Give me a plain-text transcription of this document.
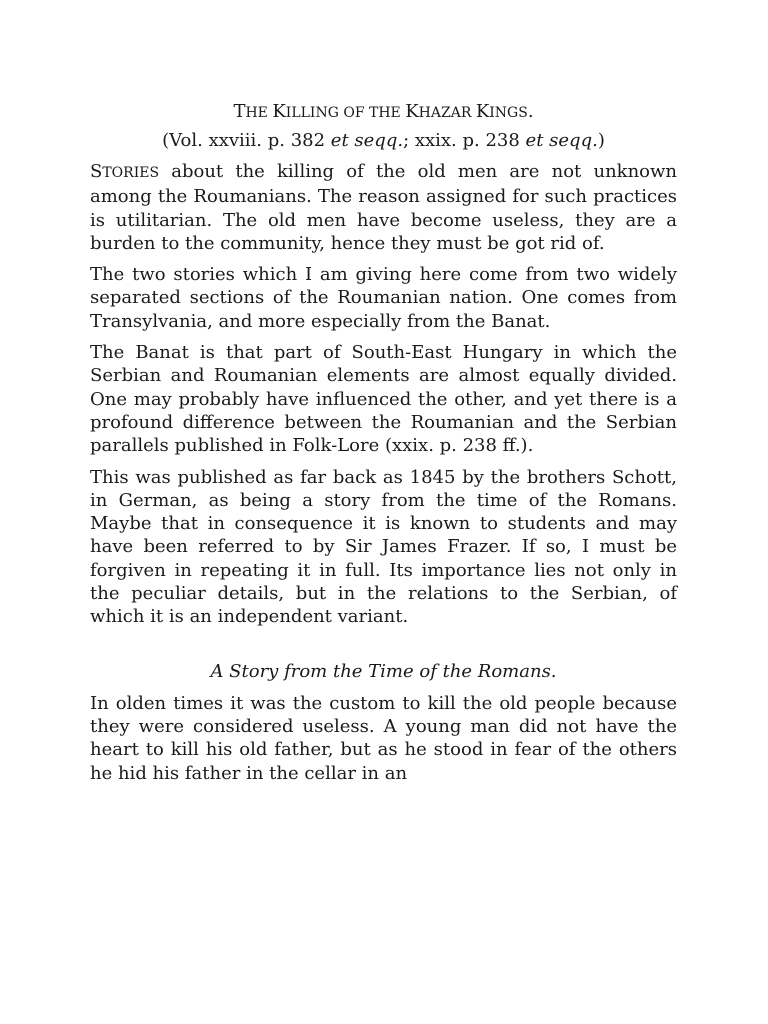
THE KILLING OF THE KHAZAR KINGS.
(Vol. xxviii. p. 382 et seqq.; xxix. p. 238 et seqq.)

STORIES about the killing of the old men are not unknown among the Roumanians. The reason assigned for such practices is utilitarian. The old men have become useless, they are a burden to the community, hence they must be got rid of.

The two stories which I am giving here come from two widely separated sections of the Roumanian nation. One comes from Transylvania, and more especially from the Banat.

The Banat is that part of South-East Hungary in which the Serbian and Roumanian elements are almost equally divided. One may probably have influenced the other, and yet there is a profound difference between the Roumanian and the Serbian parallels published in Folk-Lore (xxix. p. 238 ff.).

This was published as far back as 1845 by the brothers Schott, in German, as being a story from the time of the Romans. Maybe that in consequence it is known to students and may have been referred to by Sir James Frazer. If so, I must be forgiven in repeating it in full. Its importance lies not only in the peculiar details, but in the relations to the Serbian, of which it is an independent variant.

A Story from the Time of the Romans.

In olden times it was the custom to kill the old people because they were considered useless. A young man did not have the heart to kill his old father, but as he stood in fear of the others he hid his father in the cellar in an
